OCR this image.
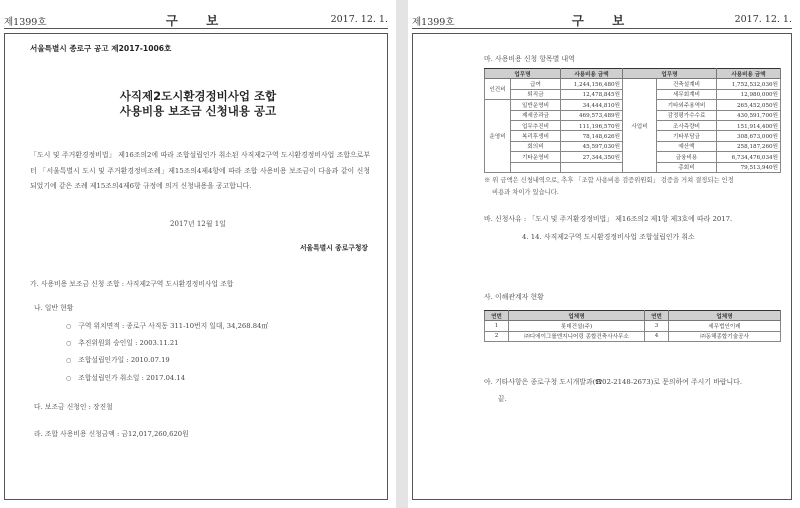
제1399호	구 보	2017. 12. 1.
서울특별시 종로구 공고 제2017-1006호
사직제2도시환경정비사업 조합
사용비용 보조금 신청내용 공고
「도시 및 주거환경정비법」 제16조의2에 따라 조합설립인가 취소된 사직제2구역 도시환경정비사업 조합으로부터 「서울특별시 도시 및 주거환경정비조례」제15조의4제4항에 따라 조합 사용비용 보조금이 다음과 같이 신청되었기에 같은 조례 제15조의4제6항 규정에 의거 신청내용을 공고합니다.
2017년 12월 1일
서울특별시 종로구청장
가. 사용비용 보조금 신청 조합 : 사직제2구역 도시환경정비사업 조합
나. 일반 현황
○ 구역 위치면적 : 종로구 사직동 311-10번지 일대, 34,268.84㎡
○ 추진위원회 승인일 : 2003.11.21
○ 조합설립인가일 : 2010.07.19
○ 조합설립인가 취소일 : 2017.04.14
다. 보조금 신청인 : 장진철
라. 조합 사용비용 신청금액 : 금12,017,260,620원
제1399호	구 보	2017. 12. 1.
마. 사용비용 신청 항목별 내역
업무명		사용비용 금액	업무명		사용비용 금액
인건비	급여	1,244,156,480원	사업비	건축설계비	1,752,532,036원
	퇴직금	12,478,845원		세무회계비	12,980,000원
운영비	일반운영비	34,444,810원		기타외주용역비	265,452,050원
	제세공과금	469,573,489원		감정평가수수료	430,591,700원
	업무추진비	111,196,570원		조사측량비	151,914,400원
	복리후생비	78,148,626원		기타부담금	308,673,000원
	회의비	45,597,030원		예산액	258,187,260원
	기타운영비	27,344,350원		금융비용	6,734,476,034원
				총회비	79,513,940원
※ 위 금액은 신청내역으로, 추후 「조합 사용비용 검증위원회」 검증을 거쳐 결정되는 인정
비용과 차이가 있습니다.
바. 신청사유 : 「도시 및 주거환경정비법」 제16조의2 제1항 제3호에 따라 2017.
4. 14. 사직제2구역 도시환경정비사업 조합설립인가 취소
사. 이해관계자 현황
연번	업체명	연번	업체명
1	롯데건설(주)	3	세무법인이레
2	㈜디에이그룹엔지니어링 종합건축사사무소	4	㈜동해종합기술공사
아. 기타사항은 종로구청 도시개발과(☎02-2148-2673)로 문의하여 주시기 바랍니다.
끝.
